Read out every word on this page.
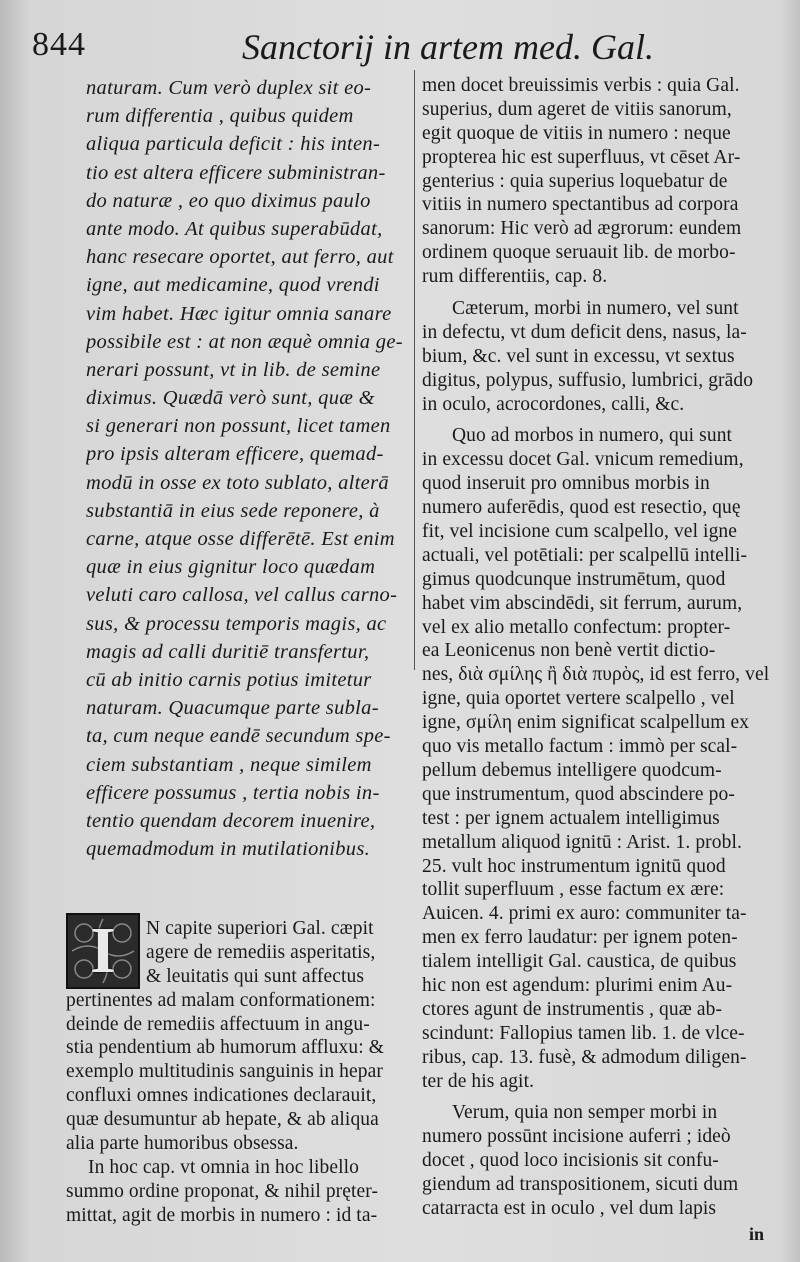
844	Sanctorij in artem med. Gal.
naturam. Cum verò duplex sit eo-
rum differentia , quibus quidem
aliqua particula deficit : his inten-
tio est altera efficere subministran-
do naturæ , eo quo diximus paulo
ante modo. At quibus superabūdat,
hanc resecare oportet, aut ferro, aut
igne, aut medicamine, quod vrendi
vim habet. Hæc igitur omnia sanare
possibile est : at non æquè omnia ge-
nerari possunt, vt in lib. de semine
diximus. Quædā verò sunt, quæ &
si generari non possunt, licet tamen
pro ipsis alteram efficere, quemad-
modū in osse ex toto sublato, alterā
substantiā in eius sede reponere, à
carne, atque osse differētē. Est enim
quæ in eius gignitur loco quædam
veluti caro callosa, vel callus carno-
sus, & processu temporis magis, ac
magis ad calli duritiē transfertur,
cū ab initio carnis potius imitetur
naturam. Quacumque parte subla-
ta, cum neque eandē secundum spe-
ciem substantiam , neque similem
efficere possumus , tertia nobis in-
tentio quendam decorem inuenire,
quemadmodum in mutilationibus.
men docet breuissimis verbis : quia Gal.
superius, dum ageret de vitiis sanorum,
egit quoque de vitiis in numero : neque
propterea hic est superfluus, vt cēset Ar-
genterius : quia superius loquebatur de
vitiis in numero spectantibus ad corpora
sanorum: Hic verò ad ægrorum: eundem
ordinem quoque seruauit lib. de morbo-
rum differentiis, cap. 8.
Cæterum, morbi in numero, vel sunt
in defectu, vt dum deficit dens, nasus, la-
bium, &c. vel sunt in excessu, vt sextus
digitus, polypus, suffusio, lumbrici, grādo
in oculo, acrocordones, calli, &c.
Quo ad morbos in numero, qui sunt
in excessu docet Gal. vnicum remedium,
quod inseruit pro omnibus morbis in
numero auferēdis, quod est resectio, quę
fit, vel incisione cum scalpello, vel igne
actuali, vel potētiali: per scalpellū intelli-
gimus quodcunque instrumētum, quod
habet vim abscindēdi, sit ferrum, aurum,
vel ex alio metallo confectum: propter-
ea Leonicenus non benè vertit dictio-
nes, διὰ σμίλης ἢ διὰ πυρὸς, id est ferro, vel
igne, quia oportet vertere scalpello , vel
igne, σμίλη enim significat scalpellum ex
quo vis metallo factum : immò per scal-
pellum debemus intelligere quodcum-
que instrumentum, quod abscindere po-
test : per ignem actualem intelligimus
metallum aliquod ignitū : Arist. 1. probl.
25. vult hoc instrumentum ignitū quod
tollit superfluum , esse factum ex ære:
Auicen. 4. primi ex auro: communiter ta-
men ex ferro laudatur: per ignem poten-
tialem intelligit Gal. caustica, de quibus
hic non est agendum: plurimi enim Au-
ctores agunt de instrumentis , quæ ab-
scindunt: Fallopius tamen lib. 1. de vlce-
ribus, cap. 13. fusè, & admodum diligen-
ter de his agit.
Verum, quia non semper morbi in
numero possūnt incisione auferri ; ideò
docet , quod loco incisionis sit confu-
giendum ad transpositionem, sicuti dum
catarracta est in oculo , vel dum lapis
I	N capite superiori Gal. cæpit
agere de remediis asperitatis,
& leuitatis qui sunt affectus
pertinentes ad malam conformationem:
deinde de remediis affectuum in angu-
stia pendentium ab humorum affluxu: &
exemplo multitudinis sanguinis in hepar
confluxi omnes indicationes declarauit,
quæ desumuntur ab hepate, & ab aliqua
alia parte humoribus obsessa.
In hoc cap. vt omnia in hoc libello
summo ordine proponat, & nihil pręter-
mittat, agit de morbis in numero : id ta-
in
